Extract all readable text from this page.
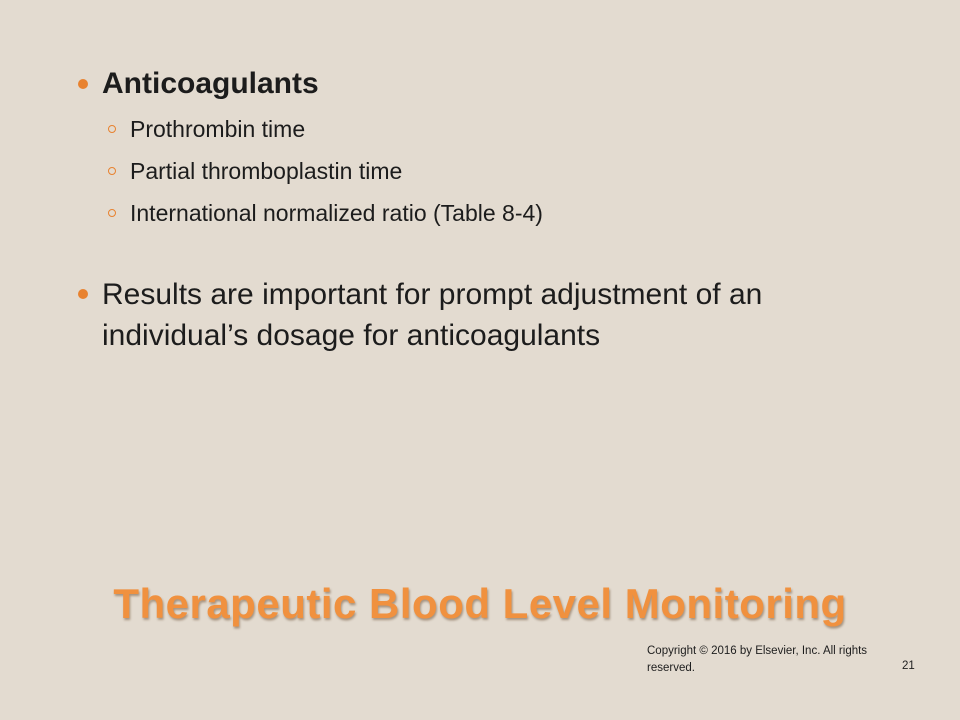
Anticoagulants
Prothrombin time
Partial thromboplastin time
International normalized ratio (Table 8-4)
Results are important for prompt adjustment of an individual’s dosage for anticoagulants
Therapeutic Blood Level Monitoring
Copyright © 2016 by Elsevier, Inc. All rights reserved.	21
